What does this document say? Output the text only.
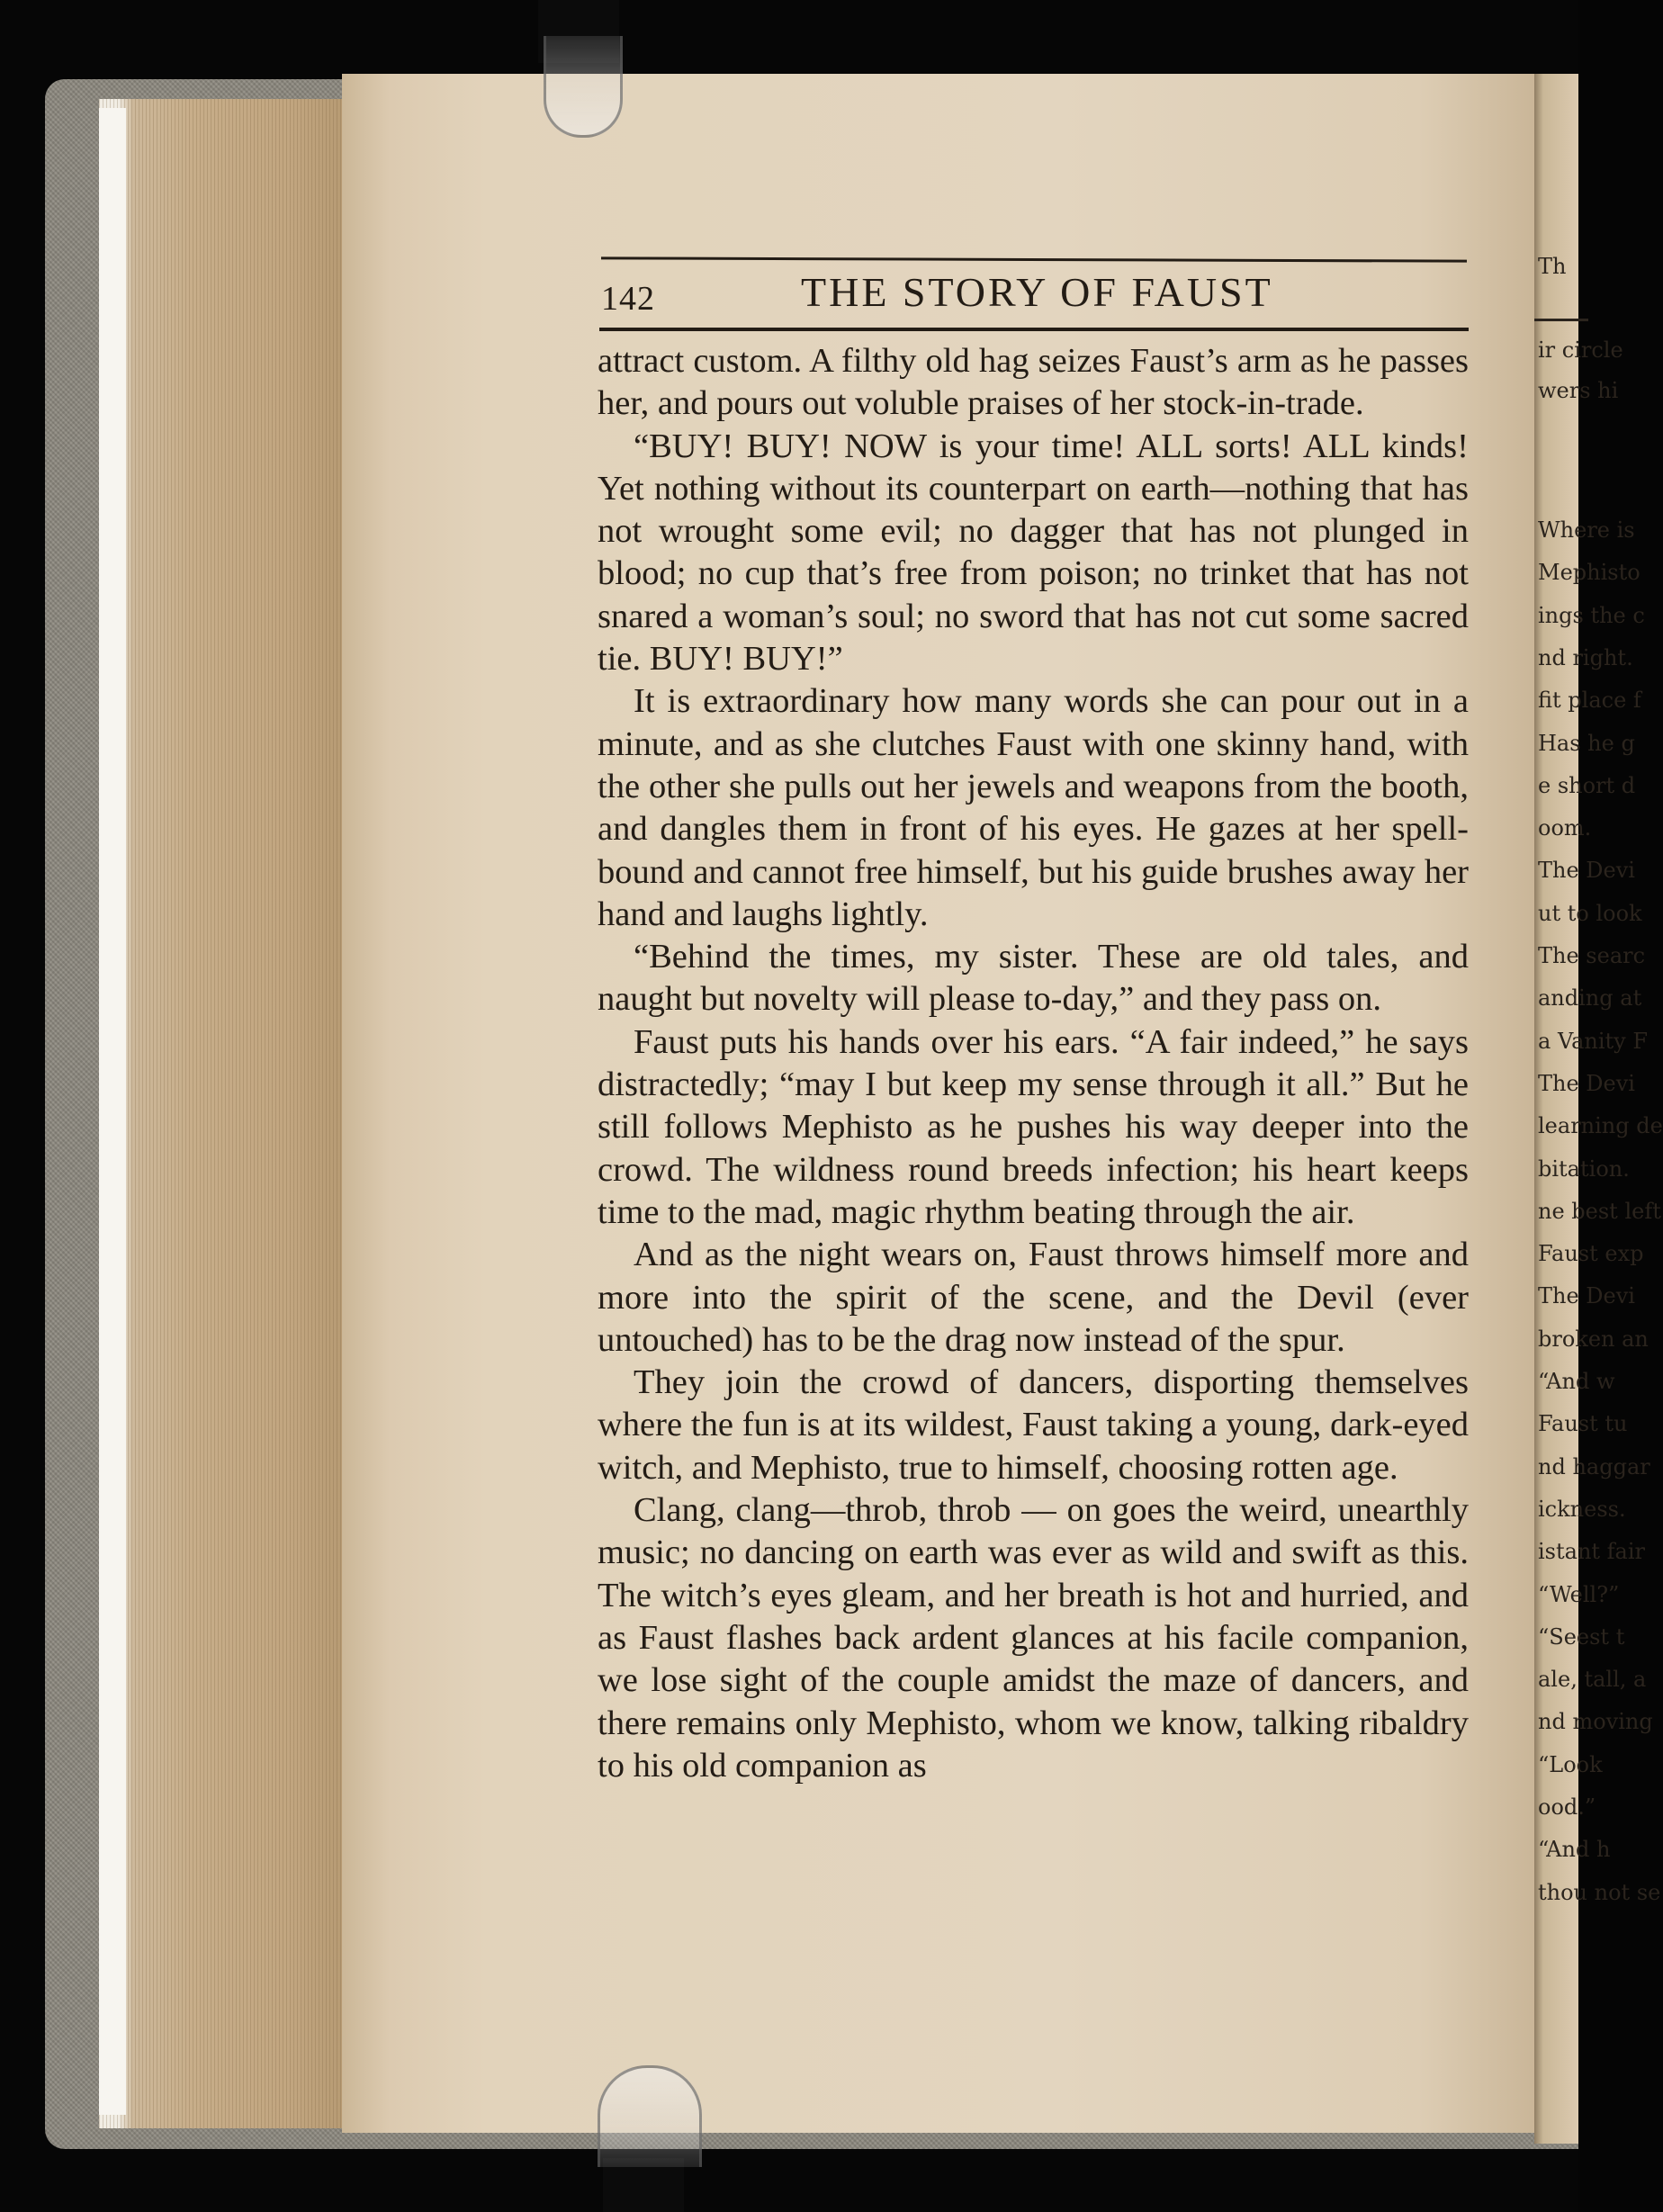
Th
ir circle
wers hi
Where is
Mephisto
ings the c
nd right.
fit place f
Has he g
e short d
oom.
The Devi
ut to look
The searc
anding at
a Vanity F
The Devi
learning de
bitation.
ne best left
Faust exp
The Devi
broken an
“And w
Faust tu
nd haggar
ickness.
istant fair
“Well?”
“Seest t
ale, tall, a
nd moving
“Look
ood.”
“And h
thou not se
142	THE STORY OF FAUST

attract custom. A filthy old hag seizes Faust’s arm as he passes her, and pours out voluble praises of her stock-in-trade.

“BUY! BUY! NOW is your time! ALL sorts! ALL kinds! Yet nothing without its counterpart on earth—nothing that has not wrought some evil; no dagger that has not plunged in blood; no cup that’s free from poison; no trinket that has not snared a woman’s soul; no sword that has not cut some sacred tie. BUY! BUY!”

It is extraordinary how many words she can pour out in a minute, and as she clutches Faust with one skinny hand, with the other she pulls out her jewels and weapons from the booth, and dangles them in front of his eyes. He gazes at her spell-bound and cannot free himself, but his guide brushes away her hand and laughs lightly.

“Behind the times, my sister. These are old tales, and naught but novelty will please to-day,” and they pass on.

Faust puts his hands over his ears. “A fair indeed,” he says distractedly; “may I but keep my sense through it all.” But he still follows Mephisto as he pushes his way deeper into the crowd. The wildness round breeds infection; his heart keeps time to the mad, magic rhythm beating through the air.

And as the night wears on, Faust throws himself more and more into the spirit of the scene, and the Devil (ever untouched) has to be the drag now instead of the spur.

They join the crowd of dancers, disporting themselves where the fun is at its wildest, Faust taking a young, dark-eyed witch, and Mephisto, true to himself, choosing rotten age.

Clang, clang—throb, throb — on goes the weird, unearthly music; no dancing on earth was ever as wild and swift as this. The witch’s eyes gleam, and her breath is hot and hurried, and as Faust flashes back ardent glances at his facile companion, we lose sight of the couple amidst the maze of dancers, and there remains only Mephisto, whom we know, talking ribaldry to his old companion as
